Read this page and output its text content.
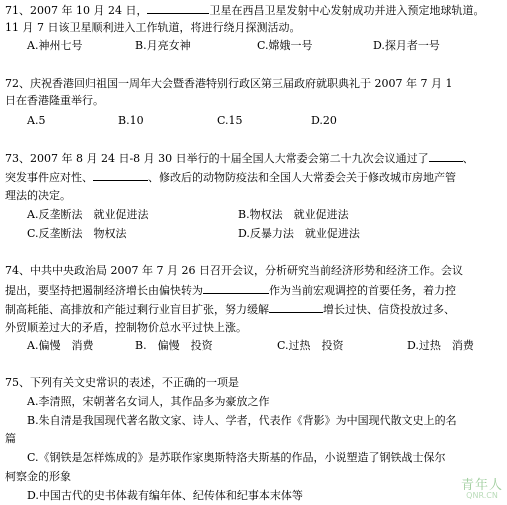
71、2007 年 10 月 24 日，	卫星在西昌卫星发射中心发射成功并进入预定地球轨道。
11 月 7 日该卫星顺利进入工作轨道，将进行绕月探测活动。
A.神州七号	B.月亮女神	C.嫦娥一号	D.探月者一号
72、庆祝香港回归祖国一周年大会暨香港特别行政区第三届政府就职典礼于 2007 年 7 月 1
日在香港隆重举行。
A.5	B.10	C.15	D.20
73、2007 年 8 月 24 日-8 月 30 日举行的十届全国人大常委会第二十九次会议通过了	、
突发事件应对性、	、修改后的动物防疫法和全国人大常委会关于修改城市房地产管
理法的决定。
A.反垄断法　就业促进法	B.物权法　就业促进法
C.反垄断法　物权法	D.反暴力法　就业促进法
74、中共中央政治局 2007 年 7 月 26 日召开会议，分析研究当前经济形势和经济工作。会议
提出，要坚持把遏制经济增长由偏快转为	作为当前宏观调控的首要任务，着力控
制高耗能、高排放和产能过剩行业盲目扩张，努力缓解	增长过快、信贷投放过多、
外贸顺差过大的矛盾，控制物价总水平过快上涨。
A.偏慢　消费	B.　偏慢　投资	C.过热　投资	D.过热　消费
75、下列有关文史常识的表述，不正确的一项是
A.李清照，宋朝著名女词人，其作品多为豪放之作
B.朱自清是我国现代著名散文家、诗人、学者，代表作《背影》为中国现代散文史上的名
篇
C.《钢铁是怎样炼成的》是苏联作家奥斯特洛夫斯基的作品，小说塑造了钢铁战士保尔
柯察金的形象
D.中国古代的史书体裁有编年体、纪传体和纪事本末体等
青年人
QNR.CN
